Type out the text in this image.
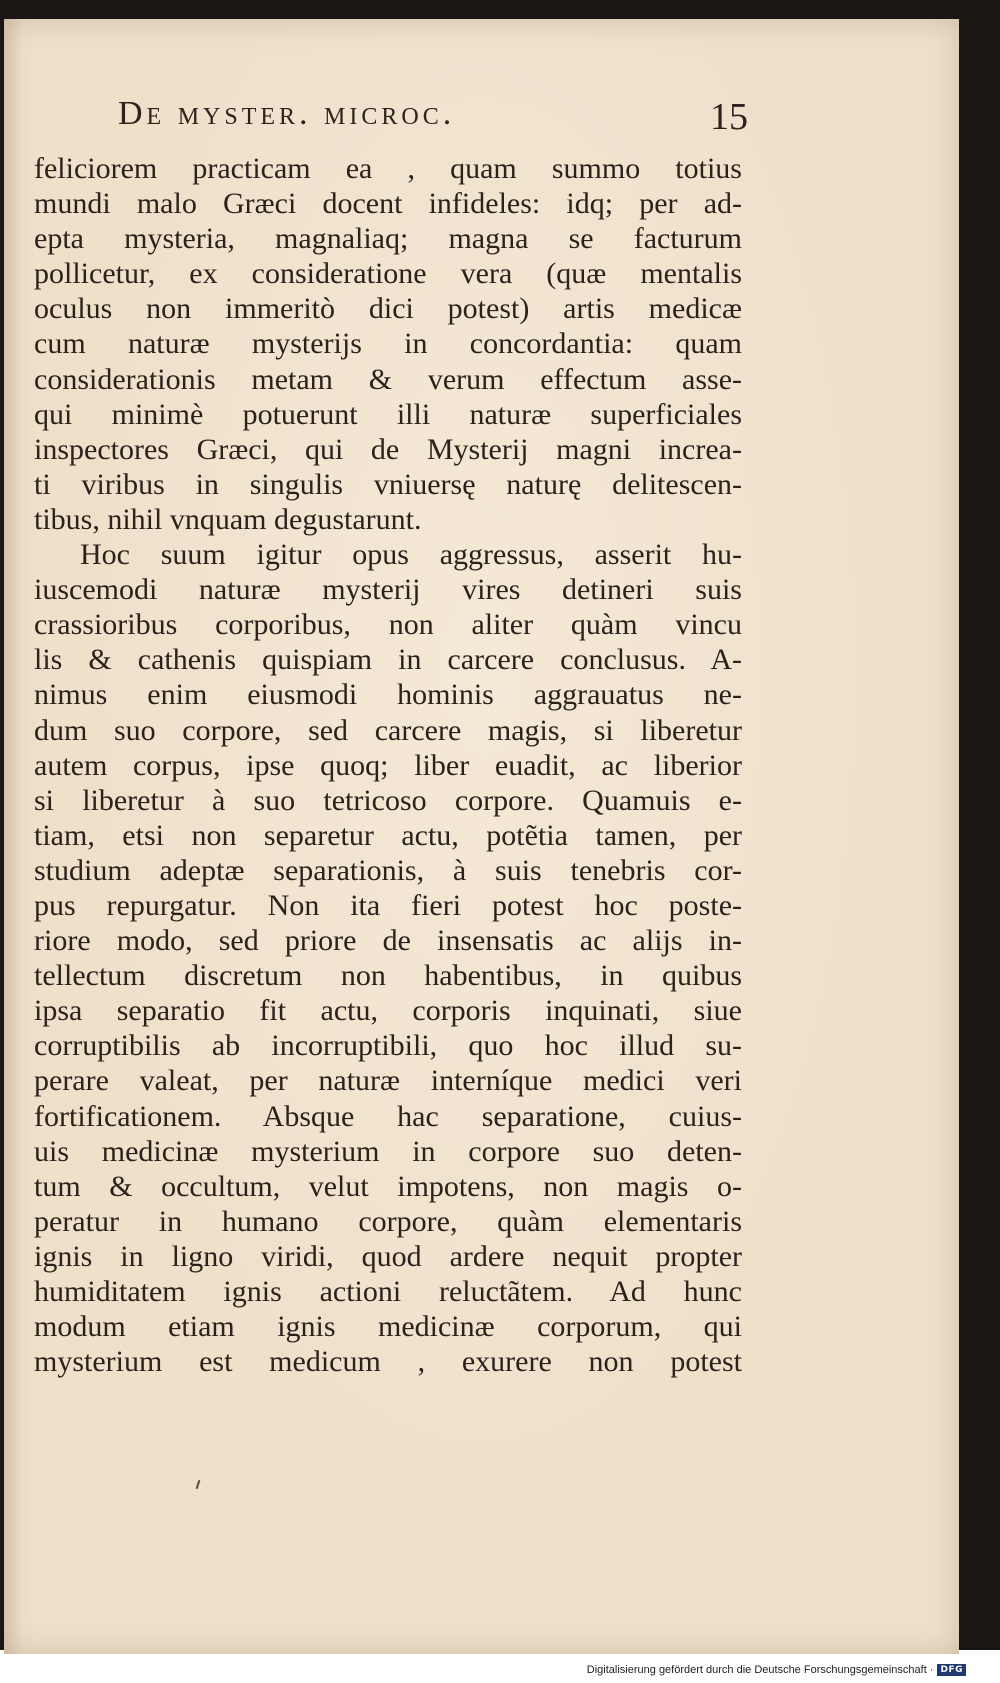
De myster. microc.	15
feliciorem practicam ea , quam summo totius
mundi malo Græci docent infideles: idq; per ad-
epta mysteria, magnaliaq; magna se facturum
pollicetur, ex consideratione vera (quæ mentalis
oculus non immeritò dici potest) artis medicæ
cum naturæ mysterijs in concordantia: quam
considerationis metam & verum effectum asse-
qui minimè potuerunt illi naturæ superficiales
inspectores Græci, qui de Mysterij magni increa-
ti viribus in singulis vniuersę naturę delitescen-
tibus, nihil vnquam degustarunt.
Hoc suum igitur opus aggressus, asserit hu-
iuscemodi naturæ mysterij vires detineri suis
crassioribus corporibus, non aliter quàm vincu
lis & cathenis quispiam in carcere conclusus. A-
nimus enim eiusmodi hominis aggrauatus ne-
dum suo corpore, sed carcere magis, si liberetur
autem corpus, ipse quoq; liber euadit, ac liberior
si liberetur à suo tetricoso corpore. Quamuis e-
tiam, etsi non separetur actu, potẽtia tamen, per
studium adeptæ separationis, à suis tenebris cor-
pus repurgatur. Non ita fieri potest hoc poste-
riore modo, sed priore de insensatis ac alijs in-
tellectum discretum non habentibus, in quibus
ipsa separatio fit actu, corporis inquinati, siue
corruptibilis ab incorruptibili, quo hoc illud su-
perare valeat, per naturæ interníque medici veri
fortificationem. Absque hac separatione, cuius-
uis medicinæ mysterium in corpore suo deten-
tum & occultum, velut impotens, non magis o-
peratur in humano corpore, quàm elementaris
ignis in ligno viridi, quod ardere nequit propter
humiditatem ignis actioni reluctãtem. Ad hunc
modum etiam ignis medicinæ corporum, qui
mysterium est medicum , exurere non potest
Digitalisierung gefördert durch die Deutsche Forschungsgemeinschaft · DFG
